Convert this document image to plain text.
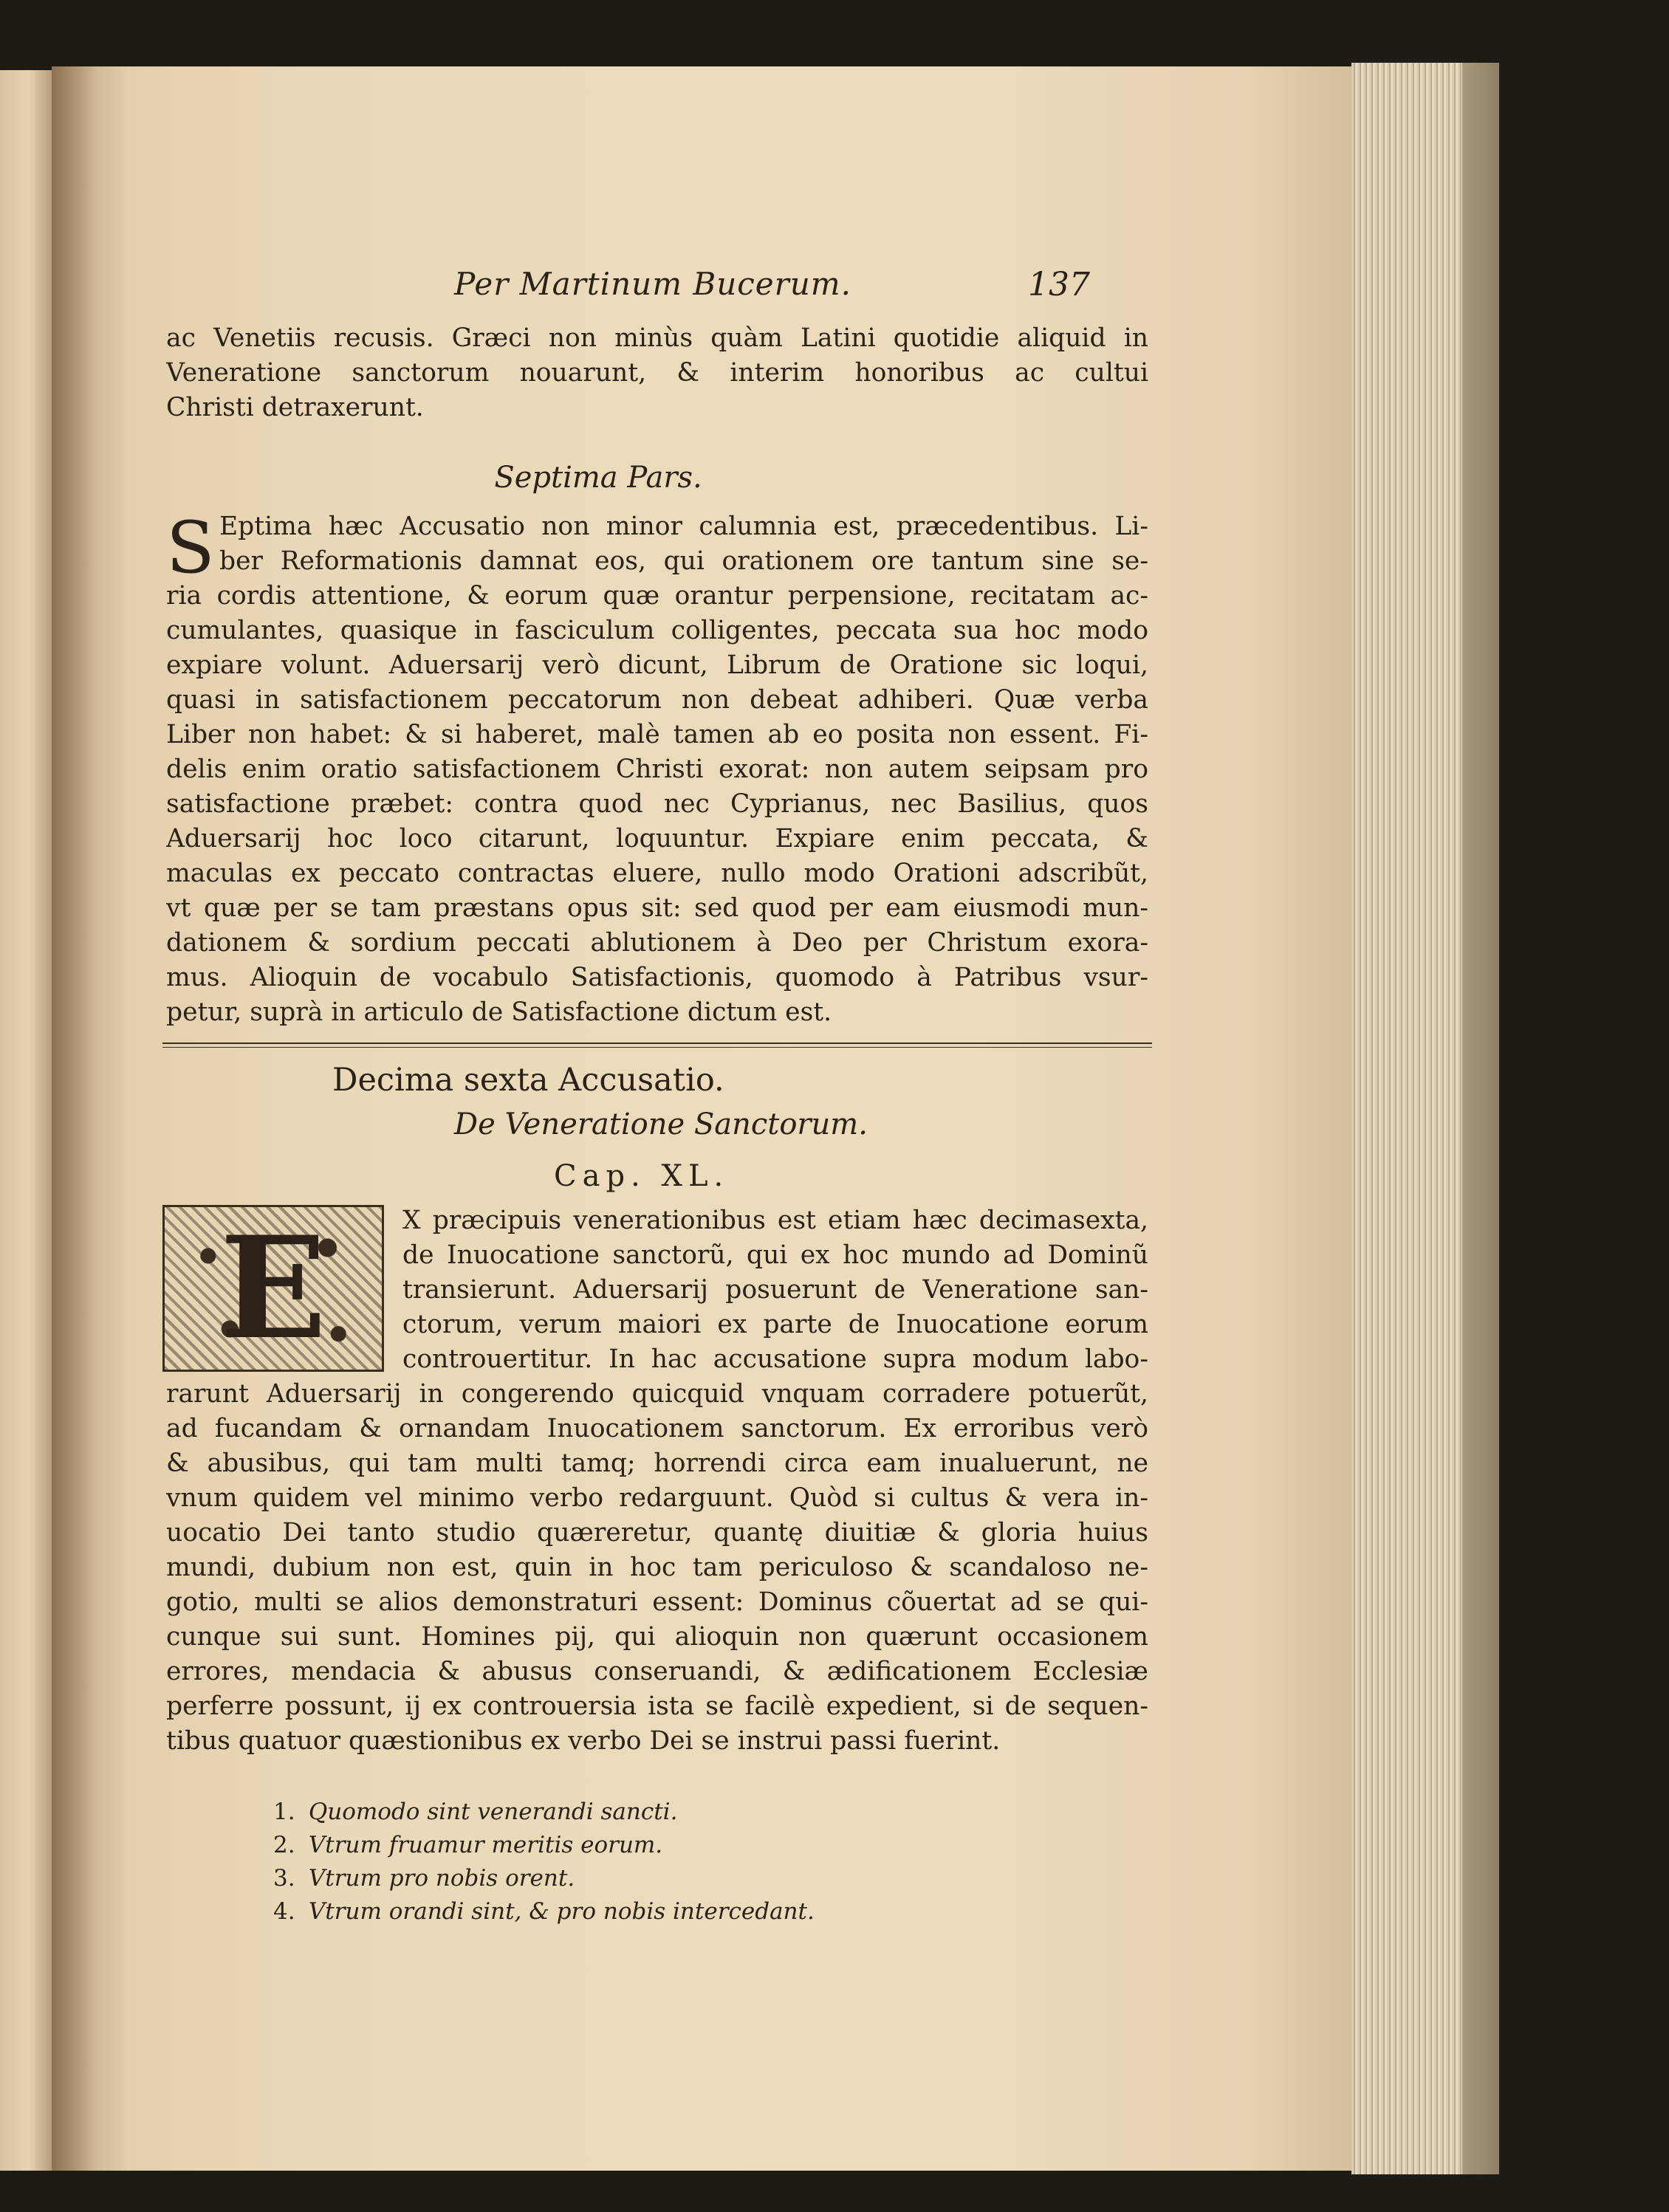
Per Martinum Bucerum.	137
ac Venetiis recusis. Græci non minùs quàm Latini quotidie aliquid in
Veneratione sanctorum nouarunt, & interim honoribus ac cultui
Christi detraxerunt.
Septima Pars.
S Eptima hæc Accusatio non minor calumnia est, præcedentibus. Li-
ber Reformationis damnat eos, qui orationem ore tantum sine se-
ria cordis attentione, & eorum quæ orantur perpensione, recitatam ac-
cumulantes, quasique in fasciculum colligentes, peccata sua hoc modo
expiare volunt. Aduersarij verò dicunt, Librum de Oratione sic loqui,
quasi in satisfactionem peccatorum non debeat adhiberi. Quæ verba
Liber non habet: & si haberet, malè tamen ab eo posita non essent. Fi-
delis enim oratio satisfactionem Christi exorat: non autem seipsam pro
satisfactione præbet: contra quod nec Cyprianus, nec Basilius, quos
Aduersarij hoc loco citarunt, loquuntur. Expiare enim peccata, &
maculas ex peccato contractas eluere, nullo modo Orationi adscribũt,
vt quæ per se tam præstans opus sit: sed quod per eam eiusmodi mun-
dationem & sordium peccati ablutionem à Deo per Christum exora-
mus. Alioquin de vocabulo Satisfactionis, quomodo à Patribus vsur-
petur, suprà in articulo de Satisfactione dictum est.
Decima sexta Accusatio.
De Veneratione Sanctorum.
Cap. XL.
E	X præcipuis venerationibus est etiam hæc decimasexta,
de Inuocatione sanctorũ, qui ex hoc mundo ad Dominũ
transierunt. Aduersarij posuerunt de Veneratione san-
ctorum, verum maiori ex parte de Inuocatione eorum
controuertitur. In hac accusatione supra modum labo-
rarunt Aduersarij in congerendo quicquid vnquam corradere potuerũt,
ad fucandam & ornandam Inuocationem sanctorum. Ex erroribus verò
& abusibus, qui tam multi tamq; horrendi circa eam inualuerunt, ne
vnum quidem vel minimo verbo redarguunt. Quòd si cultus & vera in-
uocatio Dei tanto studio quæreretur, quantę diuitiæ & gloria huius
mundi, dubium non est, quin in hoc tam periculoso & scandaloso ne-
gotio, multi se alios demonstraturi essent: Dominus cõuertat ad se qui-
cunque sui sunt. Homines pij, qui alioquin non quærunt occasionem
errores, mendacia & abusus conseruandi, & ædificationem Ecclesiæ
perferre possunt, ij ex controuersia ista se facilè expedient, si de sequen-
tibus quatuor quæstionibus ex verbo Dei se instrui passi fuerint.
1. Quomodo sint venerandi sancti.
2. Vtrum fruamur meritis eorum.
3. Vtrum pro nobis orent.
4. Vtrum orandi sint, & pro nobis intercedant.
